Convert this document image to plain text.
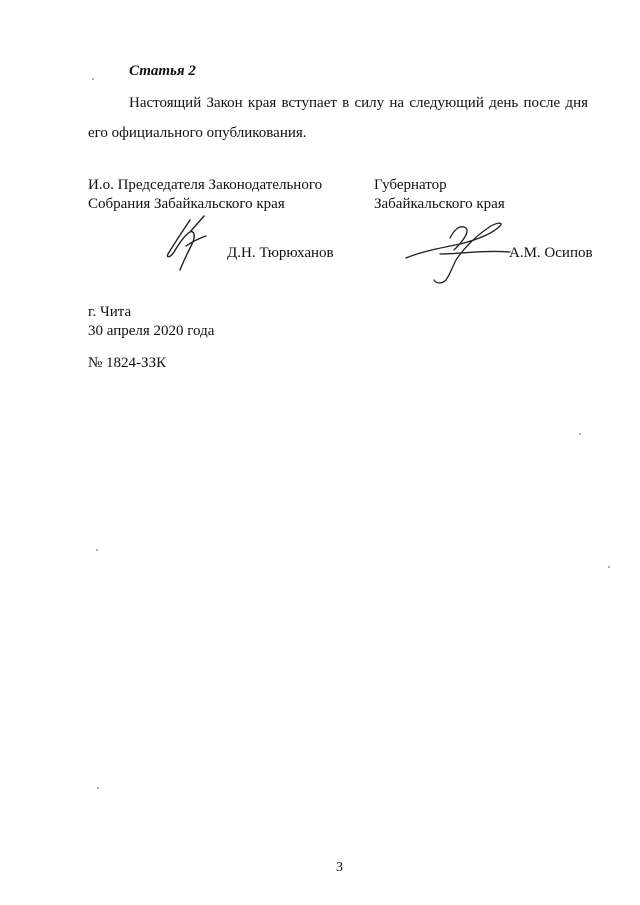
Статья 2
Настоящий Закон края вступает в силу на следующий день после дня его официального опубликования.
И.о. Председателя Законодательного
Собрания Забайкальского края
Губернатор
Забайкальского края
Д.Н. Тюрюханов	А.М. Осипов
г. Чита
30 апреля 2020 года
№ 1824-ЗЗК
3
